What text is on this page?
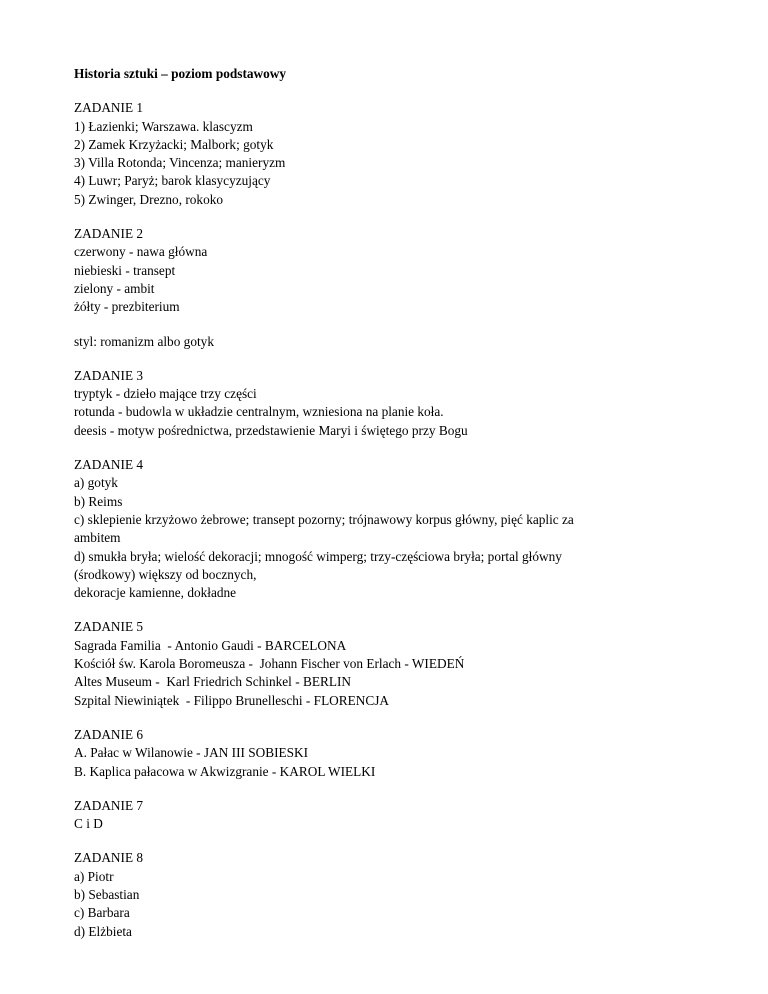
Historia sztuki – poziom podstawowy

ZADANIE 1

1) Łazienki; Warszawa. klascyzm

2) Zamek Krzyżacki; Malbork; gotyk

3) Villa Rotonda; Vincenza; manieryzm

4) Luwr; Paryż; barok klasycyzujący

5) Zwinger, Drezno, rokoko

ZADANIE 2

czerwony - nawa główna

niebieski - transept

zielony - ambit

żółty - prezbiterium

styl: romanizm albo gotyk

ZADANIE 3

tryptyk - dzieło mające trzy części

rotunda - budowla w układzie centralnym, wzniesiona na planie koła.

deesis - motyw pośrednictwa, przedstawienie Maryi i świętego przy Bogu

ZADANIE 4

a) gotyk

b) Reims

c) sklepienie krzyżowo żebrowe; transept pozorny; trójnawowy korpus główny, pięć kaplic za

ambitem

d) smukła bryła; wielość dekoracji; mnogość wimperg; trzy-częściowa bryła; portal główny

(środkowy) większy od bocznych,

dekoracje kamienne, dokładne

ZADANIE 5

Sagrada Familia  - Antonio Gaudi - BARCELONA

Kościół św. Karola Boromeusza -  Johann Fischer von Erlach - WIEDEŃ

Altes Museum -  Karl Friedrich Schinkel - BERLIN

Szpital Niewiniątek  - Filippo Brunelleschi - FLORENCJA

ZADANIE 6

A. Pałac w Wilanowie - JAN III SOBIESKI

B. Kaplica pałacowa w Akwizgranie - KAROL WIELKI

ZADANIE 7

C i D

ZADANIE 8

a) Piotr

b) Sebastian

c) Barbara

d) Elżbieta
